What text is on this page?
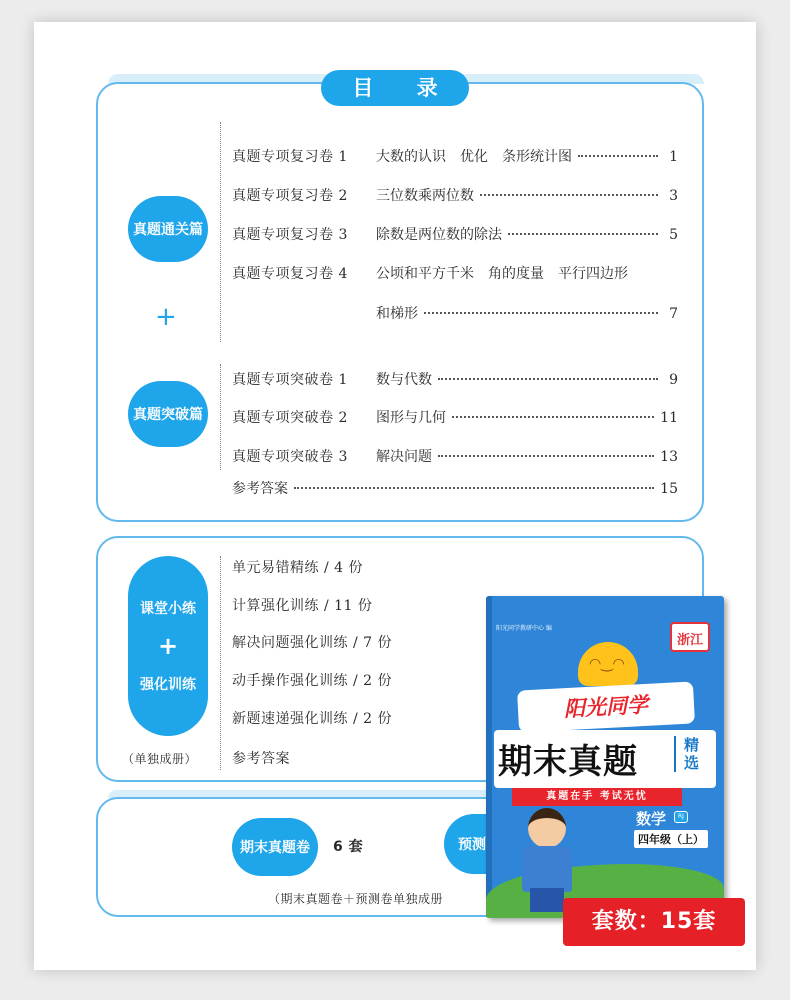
目 录
真题通关篇
+
真题突破篇
真题专项复习卷 1	大数的认识　优化　条形统计图	1
真题专项复习卷 2	三位数乘两位数	3
真题专项复习卷 3	除数是两位数的除法	5
真题专项复习卷 4	公顷和平方千米　角的度量　平行四边形
和梯形	7
真题专项突破卷 1	数与代数	9
真题专项突破卷 2	图形与几何	11
真题专项突破卷 3	解决问题	13
参考答案	15
课堂小练
+
强化训练
（单独成册）
单元易错精练 / 4 份
计算强化训练 / 11 份
解决问题强化训练 / 7 份
动手操作强化训练 / 2 份
新题速递强化训练 / 2 份
参考答案
期末真题卷	6 套	预测
（期末真题卷＋预测卷单独成册
阳光同学教研中心 编
浙江
◠‿◠
阳光同学
期末真题	精选
真题在手 考试无忧
数学	RJ
四年级（上）
套数：15套
